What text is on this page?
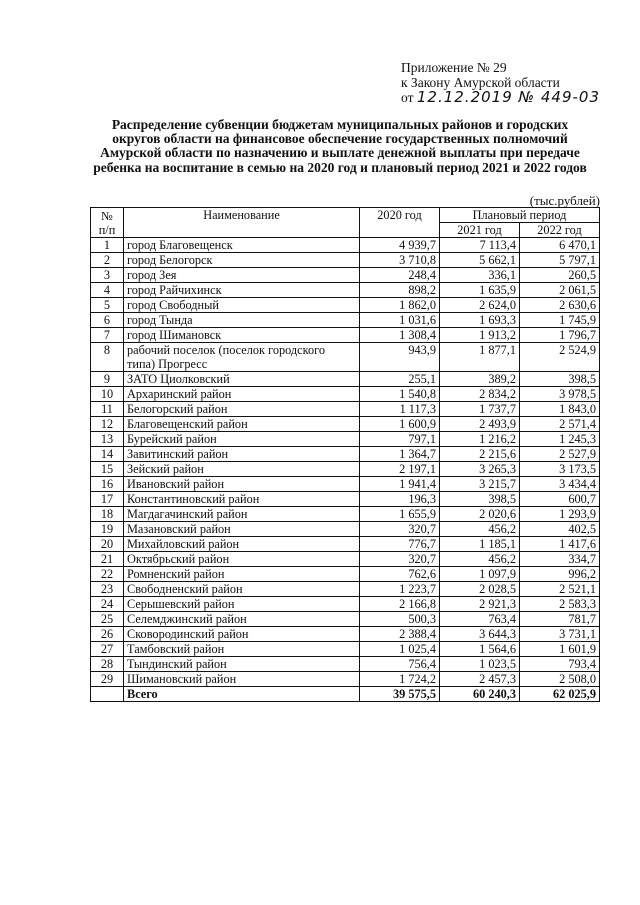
Приложение № 29
к Закону Амурской области
от 12.12.2019 № 449-03
Распределение субвенции бюджетам муниципальных районов и городских округов области на финансовое обеспечение государственных полномочий Амурской области по назначению и выплате денежной выплаты при передаче ребенка на воспитание в семью на 2020 год и плановый период 2021 и 2022 годов
(тыс.рублей)
№
п/п	Наименование	2020 год	Плановый период	
			2021 год	2022 год
1	город Благовещенск	4 939,7	7 113,4	6 470,1
2	город Белогорск	3 710,8	5 662,1	5 797,1
3	город Зея	248,4	336,1	260,5
4	город Райчихинск	898,2	1 635,9	2 061,5
5	город Свободный	1 862,0	2 624,0	2 630,6
6	город Тында	1 031,6	1 693,3	1 745,9
7	город Шимановск	1 308,4	1 913,2	1 796,7
8	рабочий поселок (поселок городского типа) Прогресс	943,9	1 877,1	2 524,9
9	ЗАТО Циолковский	255,1	389,2	398,5
10	Архаринский район	1 540,8	2 834,2	3 978,5
11	Белогорский район	1 117,3	1 737,7	1 843,0
12	Благовещенский район	1 600,9	2 493,9	2 571,4
13	Бурейский район	797,1	1 216,2	1 245,3
14	Завитинский район	1 364,7	2 215,6	2 527,9
15	Зейский район	2 197,1	3 265,3	3 173,5
16	Ивановский район	1 941,4	3 215,7	3 434,4
17	Константиновский район	196,3	398,5	600,7
18	Магдагачинский район	1 655,9	2 020,6	1 293,9
19	Мазановский район	320,7	456,2	402,5
20	Михайловский район	776,7	1 185,1	1 417,6
21	Октябрьский район	320,7	456,2	334,7
22	Ромненский район	762,6	1 097,9	996,2
23	Свободненский район	1 223,7	2 028,5	2 521,1
24	Серышевский район	2 166,8	2 921,3	2 583,3
25	Селемджинский район	500,3	763,4	781,7
26	Сковородинский район	2 388,4	3 644,3	3 731,1
27	Тамбовский район	1 025,4	1 564,6	1 601,9
28	Тындинский район	756,4	1 023,5	793,4
29	Шимановский район	1 724,2	2 457,3	2 508,0
	Всего	39 575,5	60 240,3	62 025,9
